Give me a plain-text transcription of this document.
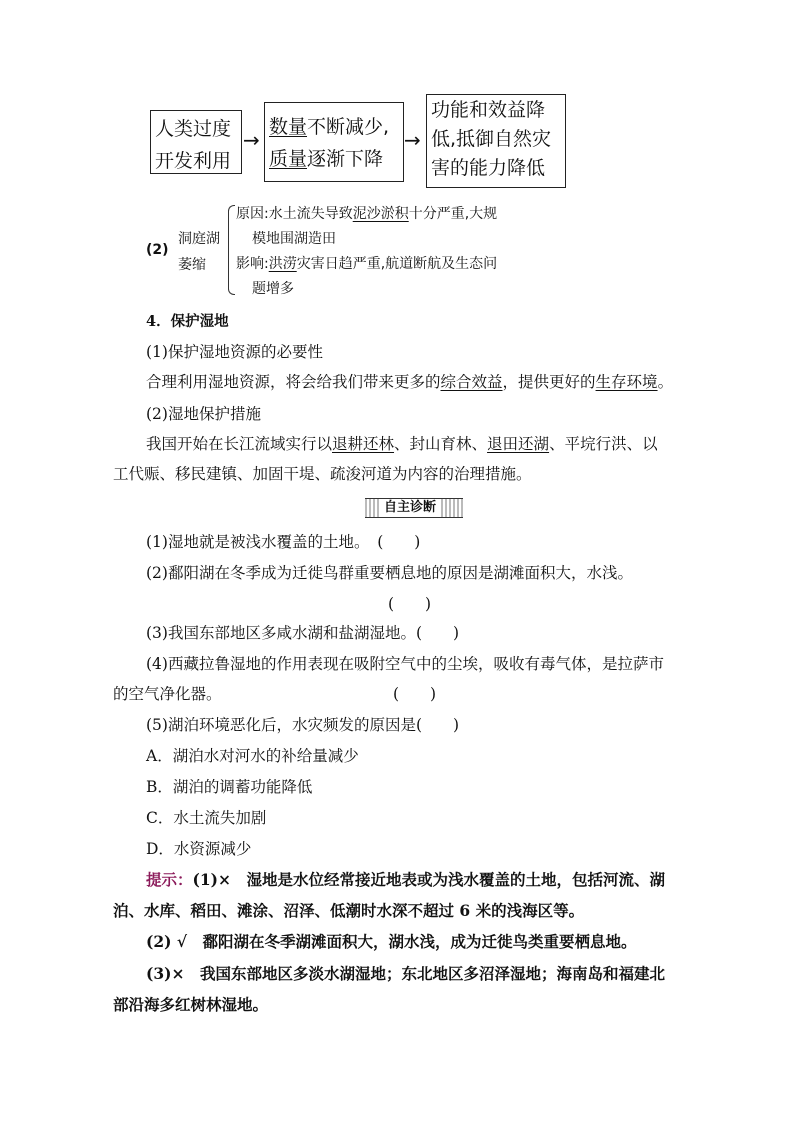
人类过度
开发利用
→
数量不断减少,
质量逐渐下降
→
功能和效益降
低,抵御自然灾
害的能力降低
(2)
洞庭湖
萎缩
原因:水土流失导致泥沙淤积十分严重,大规
模地围湖造田
影响:洪涝灾害日趋严重,航道断航及生态问
题增多
4．保护湿地
(1)保护湿地资源的必要性
合理利用湿地资源，将会给我们带来更多的综合效益，提供更好的生存环境。
(2)湿地保护措施
我国开始在长江流域实行以退耕还林、封山育林、退田还湖、平垸行洪、以
工代赈、移民建镇、加固干堤、疏浚河道为内容的治理措施。
自主诊断
(1)湿地就是被浅水覆盖的土地。　(　　)
(2)鄱阳湖在冬季成为迁徙鸟群重要栖息地的原因是湖滩面积大，水浅。
(　　)
(3)我国东部地区多咸水湖和盐湖湿地。(　　)
(4)西藏拉鲁湿地的作用表现在吸附空气中的尘埃，吸收有毒气体，是拉萨市
的空气净化器。	(　　)
(5)湖泊环境恶化后，水灾频发的原因是(　　)
A．湖泊水对河水的补给量减少
B．湖泊的调蓄功能降低
C．水土流失加剧
D．水资源减少
提示：(1)×　湿地是水位经常接近地表或为浅水覆盖的土地，包括河流、湖
泊、水库、稻田、滩涂、沼泽、低潮时水深不超过 6 米的浅海区等。
(2) √　鄱阳湖在冬季湖滩面积大，湖水浅，成为迁徙鸟类重要栖息地。
(3)×　我国东部地区多淡水湖湿地；东北地区多沼泽湿地；海南岛和福建北
部沿海多红树林湿地。
